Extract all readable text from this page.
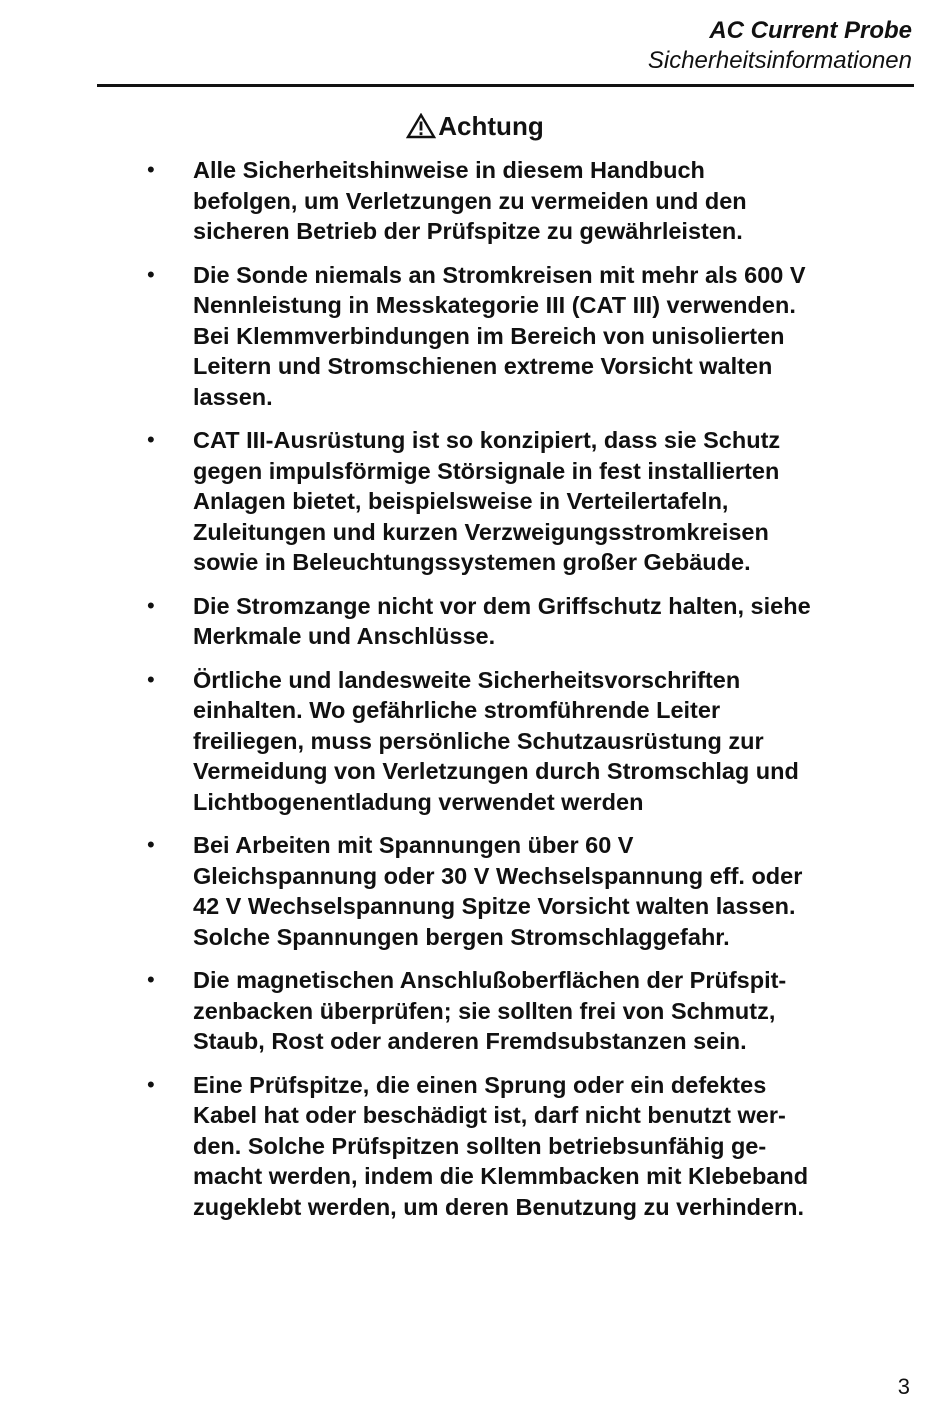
AC Current Probe
Sicherheitsinformationen
Achtung
• Alle Sicherheitshinweise in diesem Handbuch
befolgen, um Verletzungen zu vermeiden und den
sicheren Betrieb der Prüfspitze zu gewährleisten.
• Die Sonde niemals an Stromkreisen mit mehr als 600 V
Nennleistung in Messkategorie III (CAT III) verwenden.
Bei Klemmverbindungen im Bereich von unisolierten
Leitern und Stromschienen extreme Vorsicht walten
lassen.
• CAT III-Ausrüstung ist so konzipiert, dass sie Schutz
gegen impulsförmige Störsignale in fest installierten
Anlagen bietet, beispielsweise in Verteilertafeln,
Zuleitungen und kurzen Verzweigungsstromkreisen
sowie in Beleuchtungssystemen großer Gebäude.
• Die Stromzange nicht vor dem Griffschutz halten, siehe
Merkmale und Anschlüsse.
• Örtliche und landesweite Sicherheitsvorschriften
einhalten. Wo gefährliche stromführende Leiter
freiliegen, muss persönliche Schutzausrüstung zur
Vermeidung von Verletzungen durch Stromschlag und
Lichtbogenentladung verwendet werden
• Bei Arbeiten mit Spannungen über 60 V
Gleichspannung oder 30 V Wechselspannung eff. oder
42 V Wechselspannung Spitze Vorsicht walten lassen.
Solche Spannungen bergen Stromschlaggefahr.
• Die magnetischen Anschlußoberflächen der Prüfspit-
zenbacken überprüfen; sie sollten frei von Schmutz,
Staub, Rost oder anderen Fremdsubstanzen sein.
• Eine Prüfspitze, die einen Sprung oder ein defektes
Kabel hat oder beschädigt ist, darf nicht benutzt wer-
den. Solche Prüfspitzen sollten betriebsunfähig ge-
macht werden, indem die Klemmbacken mit Klebeband
zugeklebt werden, um deren Benutzung zu verhindern.
3
